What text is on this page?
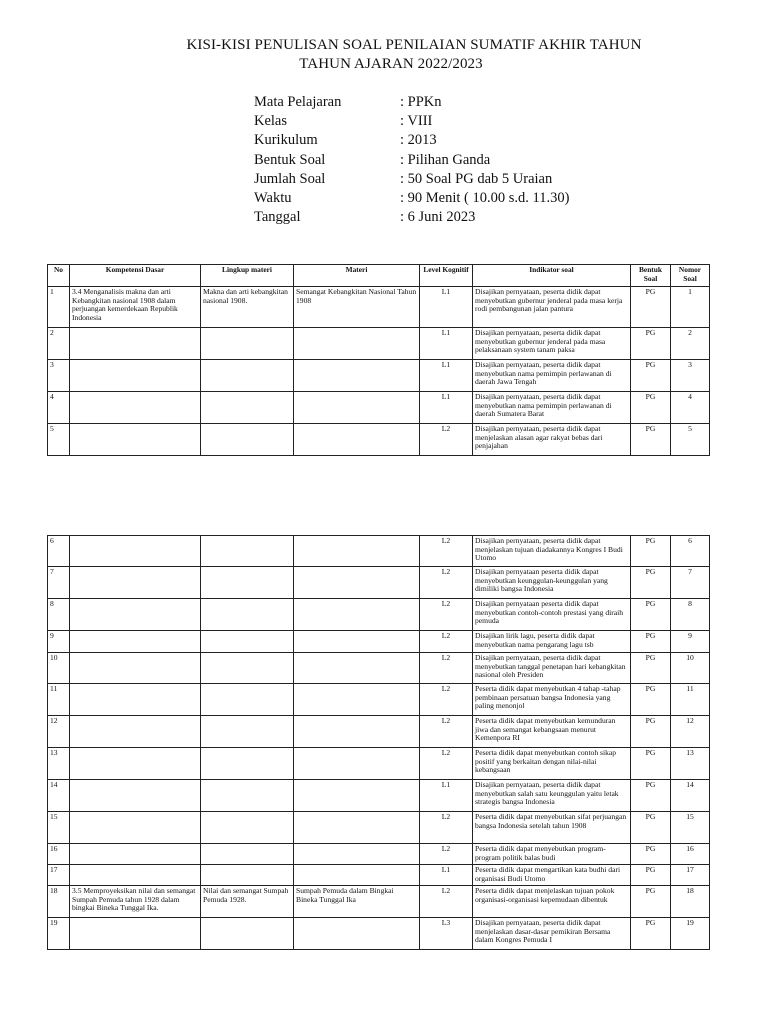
KISI-KISI PENULISAN SOAL PENILAIAN SUMATIF AKHIR TAHUN
TAHUN AJARAN 2022/2023
Mata Pelajaran	: PPKn
Kelas	: VIII
Kurikulum	: 2013
Bentuk Soal	: Pilihan Ganda
Jumlah Soal	: 50 Soal PG dab 5 Uraian
Waktu	: 90 Menit ( 10.00 s.d. 11.30)
Tanggal	: 6 Juni 2023
No	Kompetensi Dasar	Lingkup materi	Materi	Level Kognitif	Indikator soal	Bentuk Soal	Nomor Soal
1	3.4 Menganalisis makna dan arti Kebangkitan nasional 1908 dalam perjuangan kemerdekaan Republik Indonesia	Makna dan arti kebangkitan nasional 1908.	Semangat Kebangkitan Nasional Tahun 1908	L1	Disajikan pernyataan, peserta didik dapat menyebutkan gubernur jenderal pada masa kerja rodi pembangunan jalan pantura	PG	1
2				L1	Disajikan pernyataan, peserta didik dapat menyebutkan gubernur jenderal pada masa pelaksanaan system tanam paksa	PG	2
3				L1	Disajikan pernyataan, peserta didik dapat menyebutkan nama pemimpin perlawanan di daerah Jawa Tengah	PG	3
4				L1	Disajikan pernyataan, peserta didik dapat menyebutkan nama pemimpin perlawanan di daerah Sumatera Barat	PG	4
5				L2	Disajikan pernyataan, peserta didik dapat menjelaskan alasan agar rakyat bebas dari penjajahan	PG	5
6				L2	Disajikan pernyataan, peserta didik dapat menjelaskan tujuan diadakannya Kongres I Budi Utomo	PG	6
7				L2	Disajikan pernyataan peserta didik dapat menyebutkan keunggulan-keunggulan yang dimiliki bangsa Indonesia	PG	7
8				L2	Disajikan pernyataan peserta didik dapat menyebutkan contoh-contoh prestasi yang diraih pemuda	PG	8
9				L2	Disajikan lirik lagu, peserta didik dapat menyebutkan nama pengarang lagu tsb	PG	9
10				L2	Disajikan pernyataan, peserta didik dapat menyebutkan tanggal penetapan hari kebangkitan nasional oleh Presiden	PG	10
11				L2	Peserta didik dapat menyebutkan 4 tahap -tahap pembinaan persatuan bangsa Indonesia yang paling menonjol	PG	11
12				L2	Peserta didik dapat menyebutkan kemunduran jiwa dan semangat kebangsaan menurut Kemenpora RI	PG	12
13				L2	Peserta didik dapat menyebutkan contoh sikap positif yang berkaitan dengan nilai-nilai kebangsaan	PG	13
14				L1	Disajikan pernyataan, peserta didik dapat menyebutkan salah satu keunggulan yaitu letak strategis bangsa Indonesia	PG	14
15				L2	Peserta didik dapat menyebutkan sifat perjuangan bangsa Indonesia setelah tahun 1908	PG	15
16				L2	Peserta didik dapat menyebutkan program-program politik balas budi	PG	16
17				L1	Peserta didik dapat mengartikan kata budhi dari organisasi Budi Utomo	PG	17
18	3.5 Memproyeksikan nilai dan semangat Sumpah Pemuda tahun 1928 dalam bingkai Bineka Tunggal Ika.	Nilai dan semangat Sumpah Pemuda 1928.	Sumpah Pemuda dalam Bingkai Bineka Tunggal Ika	L2	Peserta didik dapat menjelaskan tujuan pokok organisasi-organisasi kepemudaan dibentuk	PG	18
19				L3	Disajikan pernyataan, peserta didik dapat menjelaskan dasar-dasar pemikiran Bersama dalam Kongres Pemuda I	PG	19
